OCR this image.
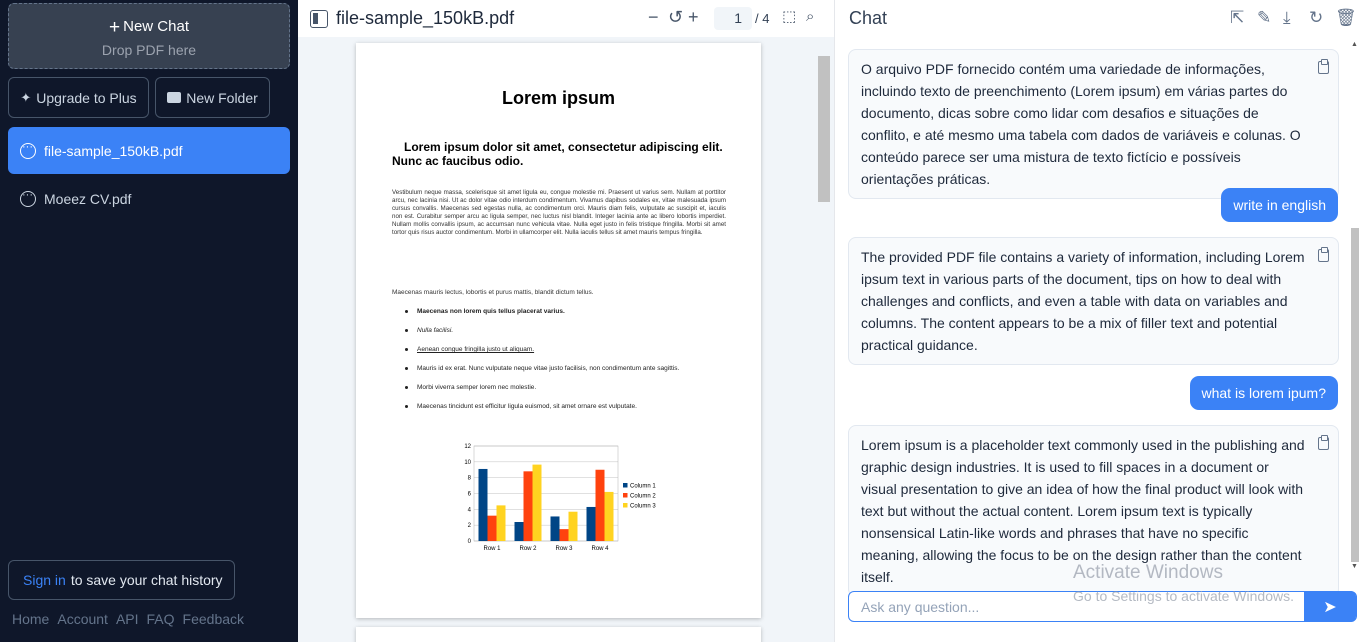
+ New Chat
Drop PDF here
✦ Upgrade to Plus	New Folder
···
file-sample_150kB.pdf
···
Moeez CV.pdf
Sign in to save your chat history
Home Account API FAQ Feedback
file-sample_150kB.pdf	− ↺ +	1	/ 4 ⬚ ⌕
Lorem ipsum
Lorem ipsum dolor sit amet, consectetur adipiscing elit. Nunc ac faucibus odio.
Vestibulum neque massa, scelerisque sit amet ligula eu, congue molestie mi. Praesent ut varius sem. Nullam at porttitor arcu, nec lacinia nisi. Ut ac dolor vitae odio interdum condimentum. Vivamus dapibus sodales ex, vitae malesuada ipsum cursus convallis. Maecenas sed egestas nulla, ac condimentum orci. Mauris diam felis, vulputate ac suscipit et, iaculis non est. Curabitur semper arcu ac ligula semper, nec luctus nisl blandit. Integer lacinia ante ac libero lobortis imperdiet. Nullam mollis convallis ipsum, ac accumsan nunc vehicula vitae. Nulla eget justo in felis tristique fringilla. Morbi sit amet tortor quis risus auctor condimentum. Morbi in ullamcorper elit. Nulla iaculis tellus sit amet mauris tempus fringilla.
Maecenas mauris lectus, lobortis et purus mattis, blandit dictum tellus.
Maecenas non lorem quis tellus placerat varius.
Nulla facilisi.
Aenean congue fringilla justo ut aliquam.
Mauris id ex erat. Nunc vulputate neque vitae justo facilisis, non condimentum ante sagittis.
Morbi viverra semper lorem nec molestie.
Maecenas tincidunt est efficitur ligula euismod, sit amet ornare est vulputate.
0
2
4
6
8
10
12
Row 1	Row 2	Row 3	Row 4
Column 1
Column 2
Column 3
Chat	⇱ ✎ ⤓ ↻ 🗑
O arquivo PDF fornecido contém uma variedade de informações, incluindo texto de preenchimento (Lorem ipsum) em várias partes do documento, dicas sobre como lidar com desafios e situações de conflito, e até mesmo uma tabela com dados de variáveis e colunas. O conteúdo parece ser uma mistura de texto fictício e possíveis orientações práticas.
write in english
The provided PDF file contains a variety of information, including Lorem ipsum text in various parts of the document, tips on how to deal with challenges and conflicts, and even a table with data on variables and columns. The content appears to be a mix of filler text and potential practical guidance.
what is lorem ipum?
Lorem ipsum is a placeholder text commonly used in the publishing and graphic design industries. It is used to fill spaces in a document or visual presentation to give an idea of how the final product will look with text but without the actual content. Lorem ipsum text is typically nonsensical Latin-like words and phrases that have no specific meaning, allowing the focus to be on the design rather than the content itself.
▲
▼
Ask any question...
➤
Activate Windows
Go to Settings to activate Windows.
